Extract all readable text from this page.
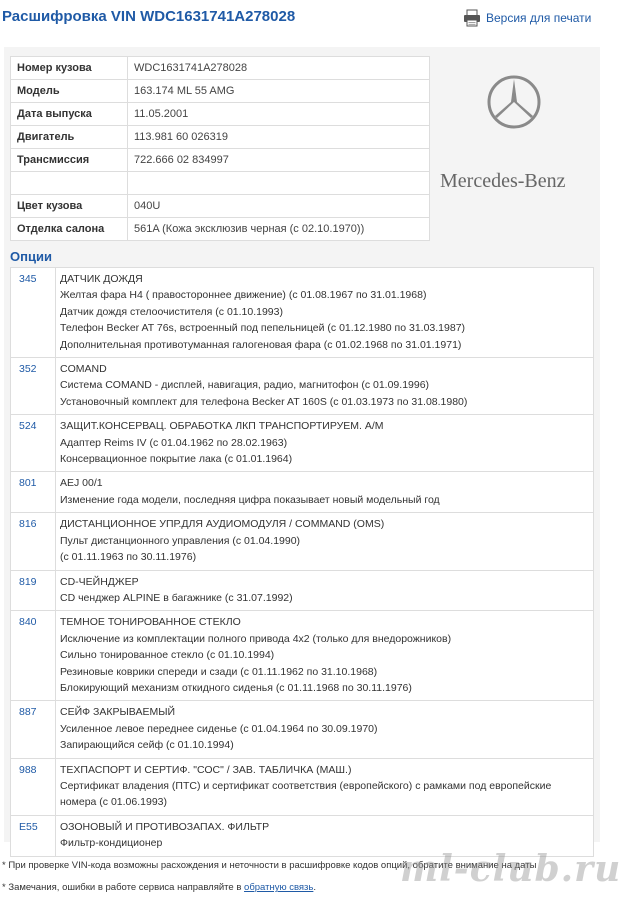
Расшифровка VIN WDC1631741A278028	Версия для печати
Номер кузова	WDC1631741A278028
Модель	163.174 ML 55 AMG
Дата выпуска	11.05.2001
Двигатель	113.981 60 026319
Трансмиссия	722.666 02 834997

Цвет кузова	040U
Отделка салона	561A (Кожа эксклюзив черная (с 02.10.1970))
Mercedes-Benz
Опции
345	ДАТЧИК ДОЖДЯ
Желтая фара H4 ( правостороннее движение) (с 01.08.1967 по 31.01.1968)
Датчик дождя стелоочистителя (с 01.10.1993)
Телефон Becker AT 76s, встроенный под пепельницей (с 01.12.1980 по 31.03.1987)
Дополнительная противотуманная галогеновая фара (с 01.02.1968 по 31.01.1971)

352	COMAND
Система COMAND - дисплей, навигация, радио, магнитофон (с 01.09.1996)
Установочный комплект для телефона Becker AT 160S (с 01.03.1973 по 31.08.1980)

524	ЗАЩИТ.КОНСЕРВАЦ. ОБРАБОТКА ЛКП ТРАНСПОРТИРУЕМ. А/М
Адаптер Reims IV (с 01.04.1962 по 28.02.1963)
Консервационное покрытие лака (с 01.01.1964)

801	AEJ 00/1
Изменение года модели, последняя цифра показывает новый модельный год

816	ДИСТАНЦИОННОЕ УПР.ДЛЯ АУДИОМОДУЛЯ / COMMAND (OMS)
Пульт дистанционного управления (с 01.04.1990)
(с 01.11.1963 по 30.11.1976)

819	CD-ЧЕЙНДЖЕР
CD ченджер ALPINE в багажнике (с 31.07.1992)

840	ТЕМНОЕ ТОНИРОВАННОЕ СТЕКЛО
Исключение из комплектации полного привода 4x2 (только для внедорожников)
Сильно тонированное стекло (с 01.10.1994)
Резиновые коврики спереди и сзади (с 01.11.1962 по 31.10.1968)
Блокирующий механизм откидного сиденья (с 01.11.1968 по 30.11.1976)

887	СЕЙФ ЗАКРЫВАЕМЫЙ
Усиленное левое переднее сиденье (с 01.04.1964 по 30.09.1970)
Запирающийся сейф (с 01.10.1994)

988	ТЕХПАСПОРТ И СЕРТИФ. "СОС" / ЗАВ. ТАБЛИЧКА (МАШ.)
Сертификат владения (ПТС) и сертификат соответствия (европейского) с рамками под европейские номера (с 01.06.1993)

E55	ОЗОНОВЫЙ И ПРОТИВОЗАПАХ. ФИЛЬТР
Фильтр-кондиционер
* При проверке VIN-кода возможны расхождения и неточности в расшифровке кодов опций, обратите внимание на даты
* Замечания, ошибки в работе сервиса направляйте в обратную связь.	ml-club.ru
